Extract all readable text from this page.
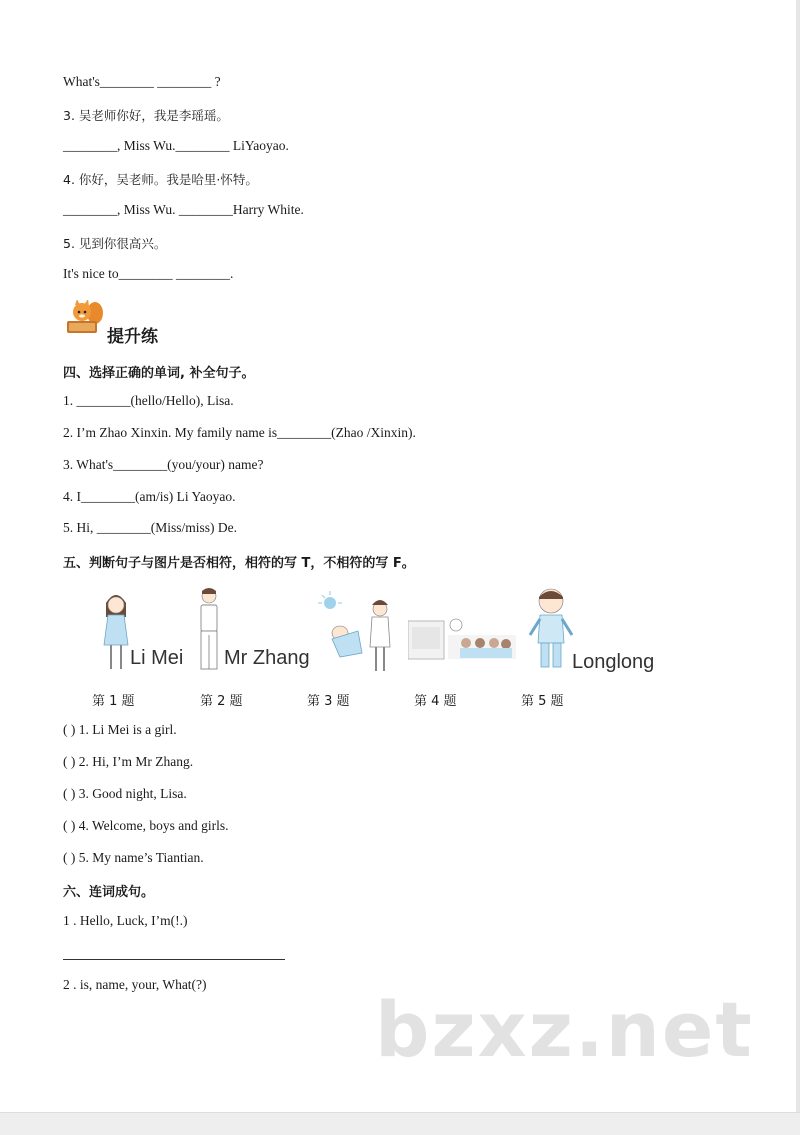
What's________ ________ ?
3. 吴老师你好，我是李瑶瑶。
________, Miss Wu.________ LiYaoyao.
4. 你好，吴老师。我是哈里·怀特。
________, Miss Wu. ________Harry White.
5. 见到你很高兴。
It's nice to________ ________.
提升练
四、选择正确的单词, 补全句子。
1. ________(hello/Hello), Lisa.
2. I’m Zhao Xinxin. My family name is________(Zhao /Xinxin).
3. What's________(you/your) name?
4. I________(am/is) Li Yaoyao.
5. Hi, ________(Miss/miss) De.
五、判断句子与图片是否相符，相符的写 T，不相符的写 F。
Li Mei Mr Zhang	Longlong
第 1 题	第 2 题	第 3 题	第 4 题	第 5 题
( ) 1. Li Mei is a girl.
( ) 2. Hi, I’m Mr Zhang.
( ) 3. Good night, Lisa.
( ) 4. Welcome, boys and girls.
( ) 5. My name’s Tiantian.
六、连词成句。
1 . Hello, Luck, I’m(!.)
2 . is, name, your, What(?)
bzxz.net
